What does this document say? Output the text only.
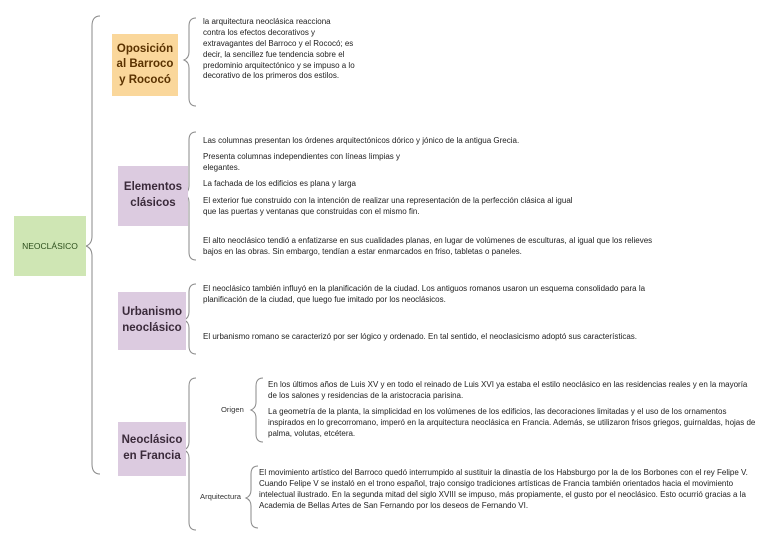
NEOCLÁSICO
Oposición al Barroco y Rococó
la arquitectura neoclásica reacciona contra los efectos decorativos y extravagantes del Barroco y el Rococó; es decir, la sencillez fue tendencia sobre el predominio arquitectónico y se impuso a lo decorativo de los primeros dos estilos.
Elementos clásicos
Las columnas presentan los órdenes arquitectónicos dórico y jónico de la antigua Grecia.
Presenta columnas independientes con líneas limpias y elegantes.
La fachada de los edificios es plana y larga
El exterior fue construido con la intención de realizar una representación de la perfección clásica al igual que las puertas y ventanas que construidas con el mismo fin.
El alto neoclásico tendió a enfatizarse en sus cualidades planas, en lugar de volúmenes de esculturas, al igual que los relieves bajos en las obras. Sin embargo, tendían a estar enmarcados en friso, tabletas o paneles.
Urbanismo neoclásico
El neoclásico también influyó en la planificación de la ciudad. Los antiguos romanos usaron un esquema consolidado para la planificación de la ciudad, que luego fue imitado por los neoclásicos.
El urbanismo romano se caracterizó por ser lógico y ordenado. En tal sentido, el neoclasicismo adoptó sus características.
Neoclásico en Francia
Origen
En los últimos años de Luis XV y en todo el reinado de Luis XVI ya estaba el estilo neoclásico en las residencias reales y en la mayoría de los salones y residencias de la aristocracia parisina.
La geometría de la planta, la simplicidad en los volúmenes de los edificios, las decoraciones limitadas y el uso de los ornamentos inspirados en lo grecorromano, imperó en la arquitectura neoclásica en Francia. Además, se utilizaron frisos griegos, guirnaldas, hojas de palma, volutas, etcétera.
Arquitectura
El movimiento artístico del Barroco quedó interrumpido al sustituir la dinastía de los Habsburgo por la de los Borbones con el rey Felipe V. Cuando Felipe V se instaló en el trono español, trajo consigo tradiciones artísticas de Francia también orientados hacia el movimiento intelectual ilustrado. En la segunda mitad del siglo XVIII se impuso, más propiamente, el gusto por el neoclásico. Esto ocurrió gracias a la Academia de Bellas Artes de San Fernando por los deseos de Fernando VI.
